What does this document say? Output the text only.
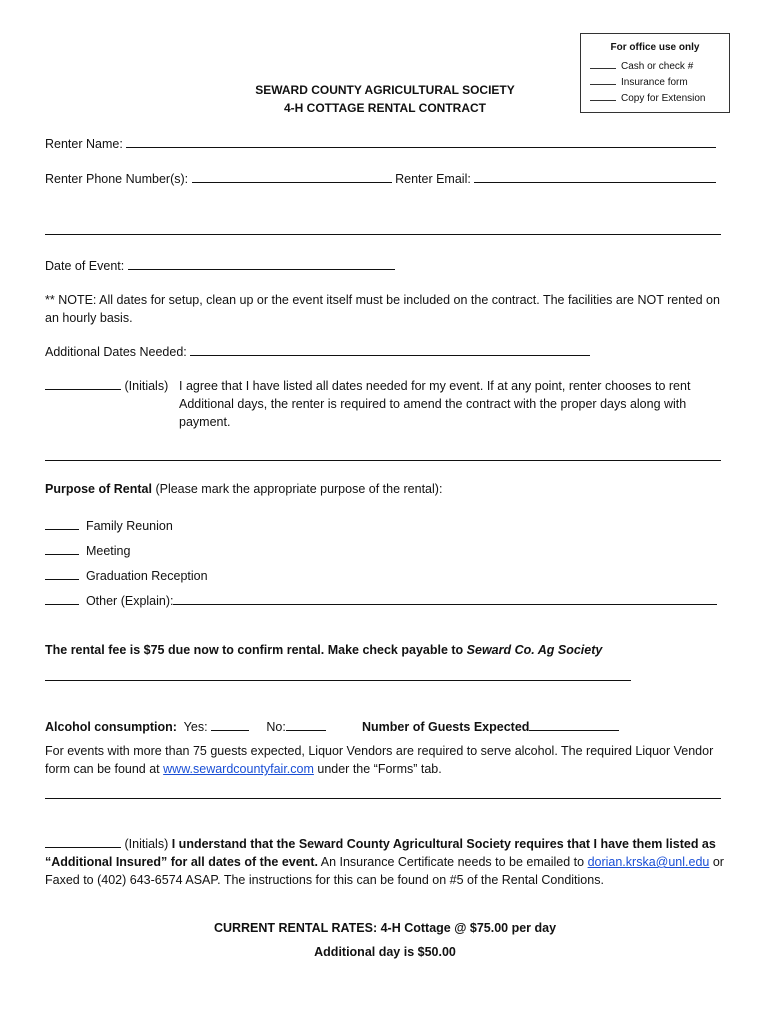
For office use only
Cash or check #
Insurance form
Copy for Extension
SEWARD COUNTY AGRICULTURAL SOCIETY
4-H COTTAGE RENTAL CONTRACT
Renter Name:
Renter Phone Number(s):	Renter Email:
Date of Event:
** NOTE: All dates for setup, clean up or the event itself must be included on the contract. The facilities are NOT rented on an hourly basis.
Additional Dates Needed:
(Initials) I agree that I have listed all dates needed for my event. If at any point, renter chooses to rent Additional days, the renter is required to amend the contract with the proper days along with payment.
Purpose of Rental (Please mark the appropriate purpose of the rental):
Family Reunion
Meeting
Graduation Reception
Other (Explain):
The rental fee is $75 due now to confirm rental. Make check payable to Seward Co. Ag Society
Alcohol consumption: Yes:	No:	Number of Guests Expected
For events with more than 75 guests expected, Liquor Vendors are required to serve alcohol. The required Liquor Vendor form can be found at www.sewardcountyfair.com under the “Forms” tab.
(Initials) I understand that the Seward County Agricultural Society requires that I have them listed as “Additional Insured” for all dates of the event. An Insurance Certificate needs to be emailed to dorian.krska@unl.edu or Faxed to (402) 643-6574 ASAP. The instructions for this can be found on #5 of the Rental Conditions.
CURRENT RENTAL RATES: 4-H Cottage @ $75.00 per day
Additional day is $50.00
